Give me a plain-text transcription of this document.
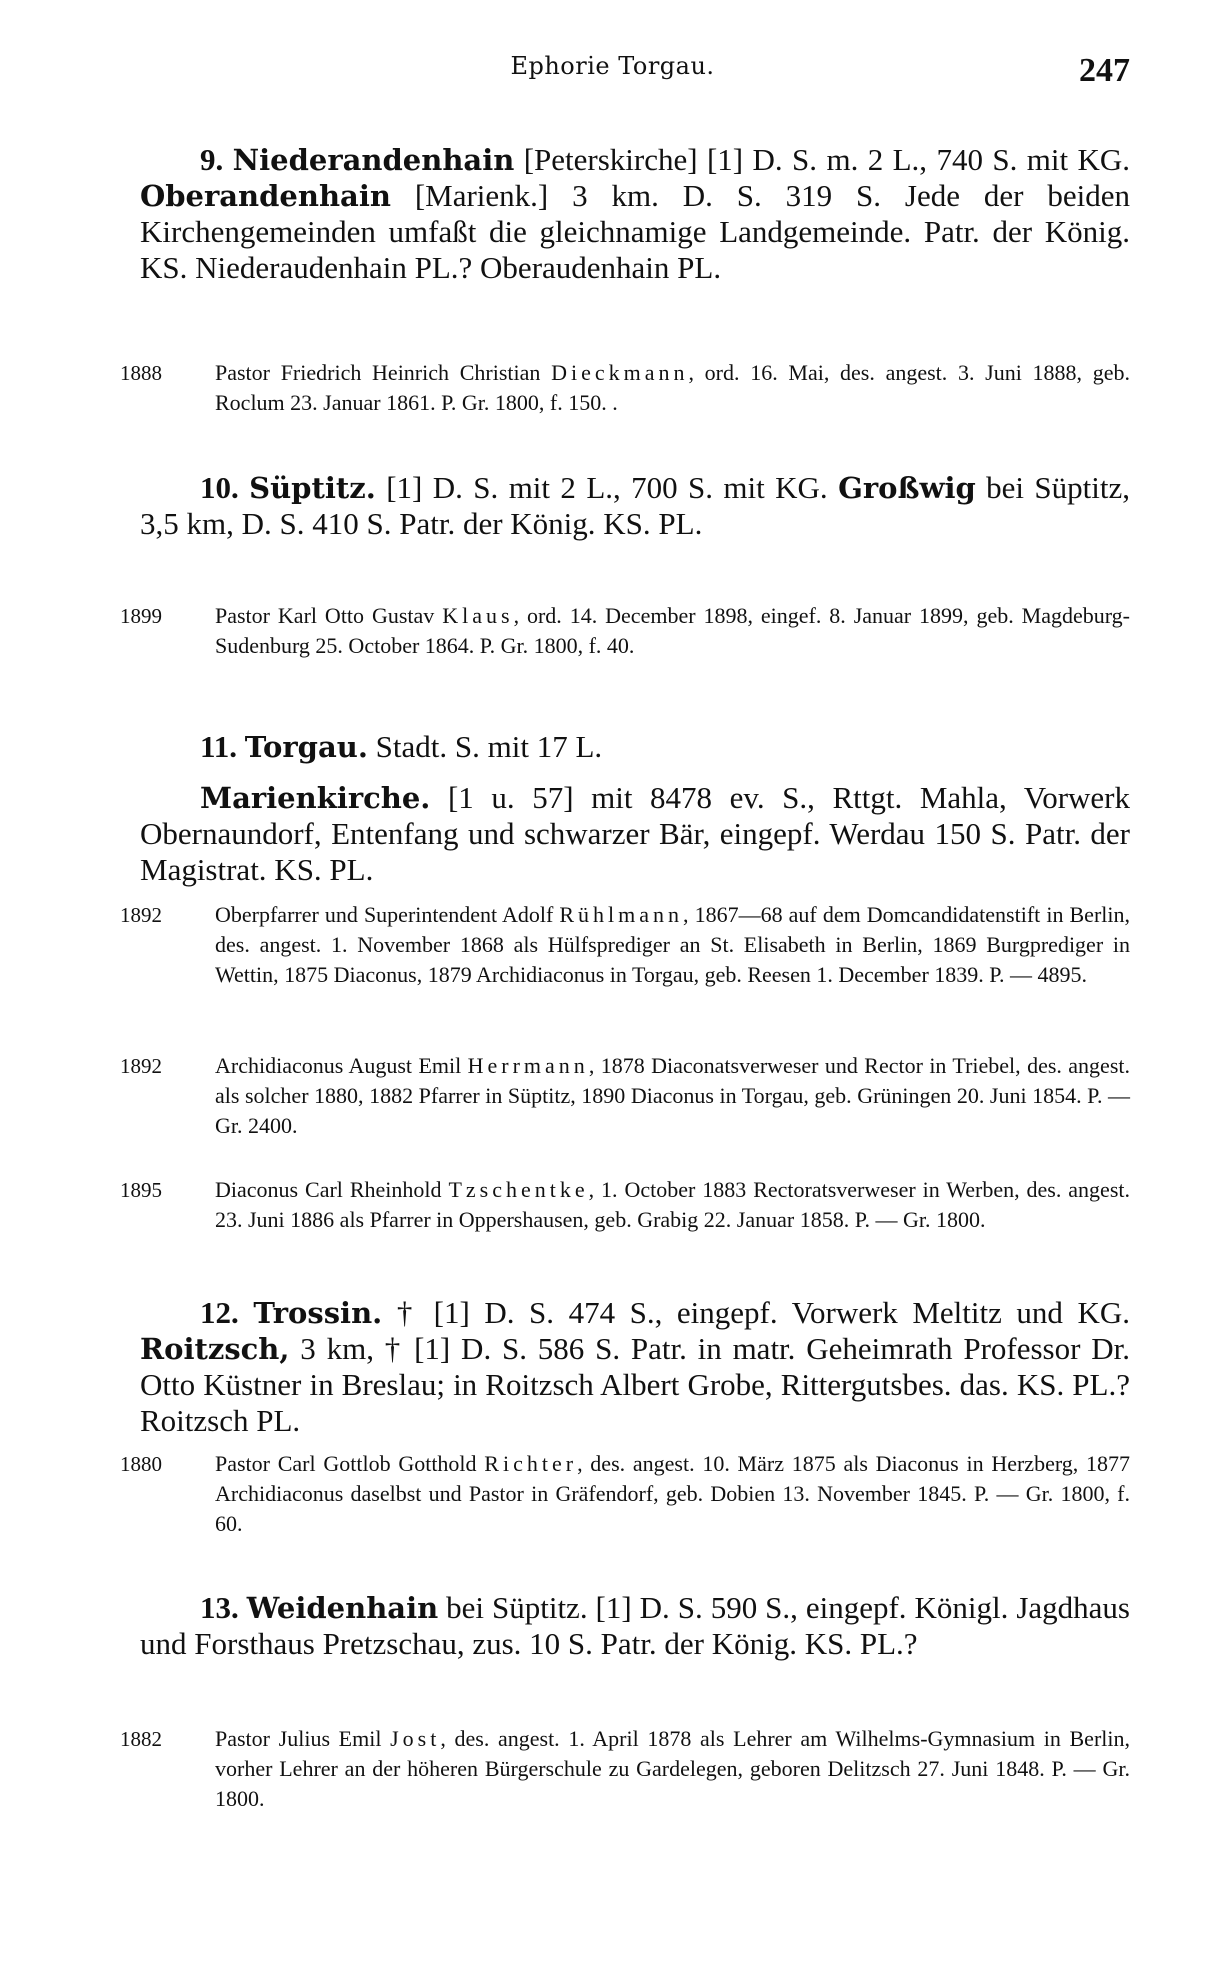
Ephorie Torgau.	247
9. Niederandenhain [Peterskirche] [1] D. S. m. 2 L., 740 S. mit KG. Oberandenhain [Marienk.] 3 km. D. S. 319 S. Jede der beiden Kirchengemeinden umfaßt die gleichnamige Landgemeinde. Patr. der König. KS. Niederaudenhain PL.? Oberaudenhain PL.
1888	Pastor Friedrich Heinrich Christian Dieckmann, ord. 16. Mai, des. angest. 3. Juni 1888, geb. Roclum 23. Januar 1861. P. Gr. 1800, f. 150. .
10. Süptitz. [1] D. S. mit 2 L., 700 S. mit KG. Großwig bei Süptitz, 3,5 km, D. S. 410 S. Patr. der König. KS. PL.
1899	Pastor Karl Otto Gustav Klaus, ord. 14. December 1898, eingef. 8. Januar 1899, geb. Magdeburg-Sudenburg 25. October 1864. P. Gr. 1800, f. 40.
11. Torgau. Stadt. S. mit 17 L.
Marienkirche. [1 u. 57] mit 8478 ev. S., Rttgt. Mahla, Vorwerk Obernaundorf, Entenfang und schwarzer Bär, eingepf. Werdau 150 S. Patr. der Magistrat. KS. PL.
1892	Oberpfarrer und Superintendent Adolf Rühlmann, 1867—68 auf dem Domcandidatenstift in Berlin, des. angest. 1. November 1868 als Hülfsprediger an St. Elisabeth in Berlin, 1869 Burgprediger in Wettin, 1875 Diaconus, 1879 Archidiaconus in Torgau, geb. Reesen 1. December 1839. P. — 4895.
1892	Archidiaconus August Emil Herrmann, 1878 Diaconatsverweser und Rector in Triebel, des. angest. als solcher 1880, 1882 Pfarrer in Süptitz, 1890 Diaconus in Torgau, geb. Grüningen 20. Juni 1854. P. — Gr. 2400.
1895	Diaconus Carl Rheinhold Tzschentke, 1. October 1883 Rectoratsverweser in Werben, des. angest. 23. Juni 1886 als Pfarrer in Oppershausen, geb. Grabig 22. Januar 1858. P. — Gr. 1800.
12. Trossin. † [1] D. S. 474 S., eingepf. Vorwerk Meltitz und KG. Roitzsch, 3 km, † [1] D. S. 586 S. Patr. in matr. Geheimrath Professor Dr. Otto Küstner in Breslau; in Roitzsch Albert Grobe, Rittergutsbes. das. KS. PL.? Roitzsch PL.
1880	Pastor Carl Gottlob Gotthold Richter, des. angest. 10. März 1875 als Diaconus in Herzberg, 1877 Archidiaconus daselbst und Pastor in Gräfendorf, geb. Dobien 13. November 1845. P. — Gr. 1800, f. 60.
13. Weidenhain bei Süptitz. [1] D. S. 590 S., eingepf. Königl. Jagdhaus und Forsthaus Pretzschau, zus. 10 S. Patr. der König. KS. PL.?
1882	Pastor Julius Emil Jost, des. angest. 1. April 1878 als Lehrer am Wilhelms-Gymnasium in Berlin, vorher Lehrer an der höheren Bürgerschule zu Gardelegen, geboren Delitzsch 27. Juni 1848. P. — Gr. 1800.
